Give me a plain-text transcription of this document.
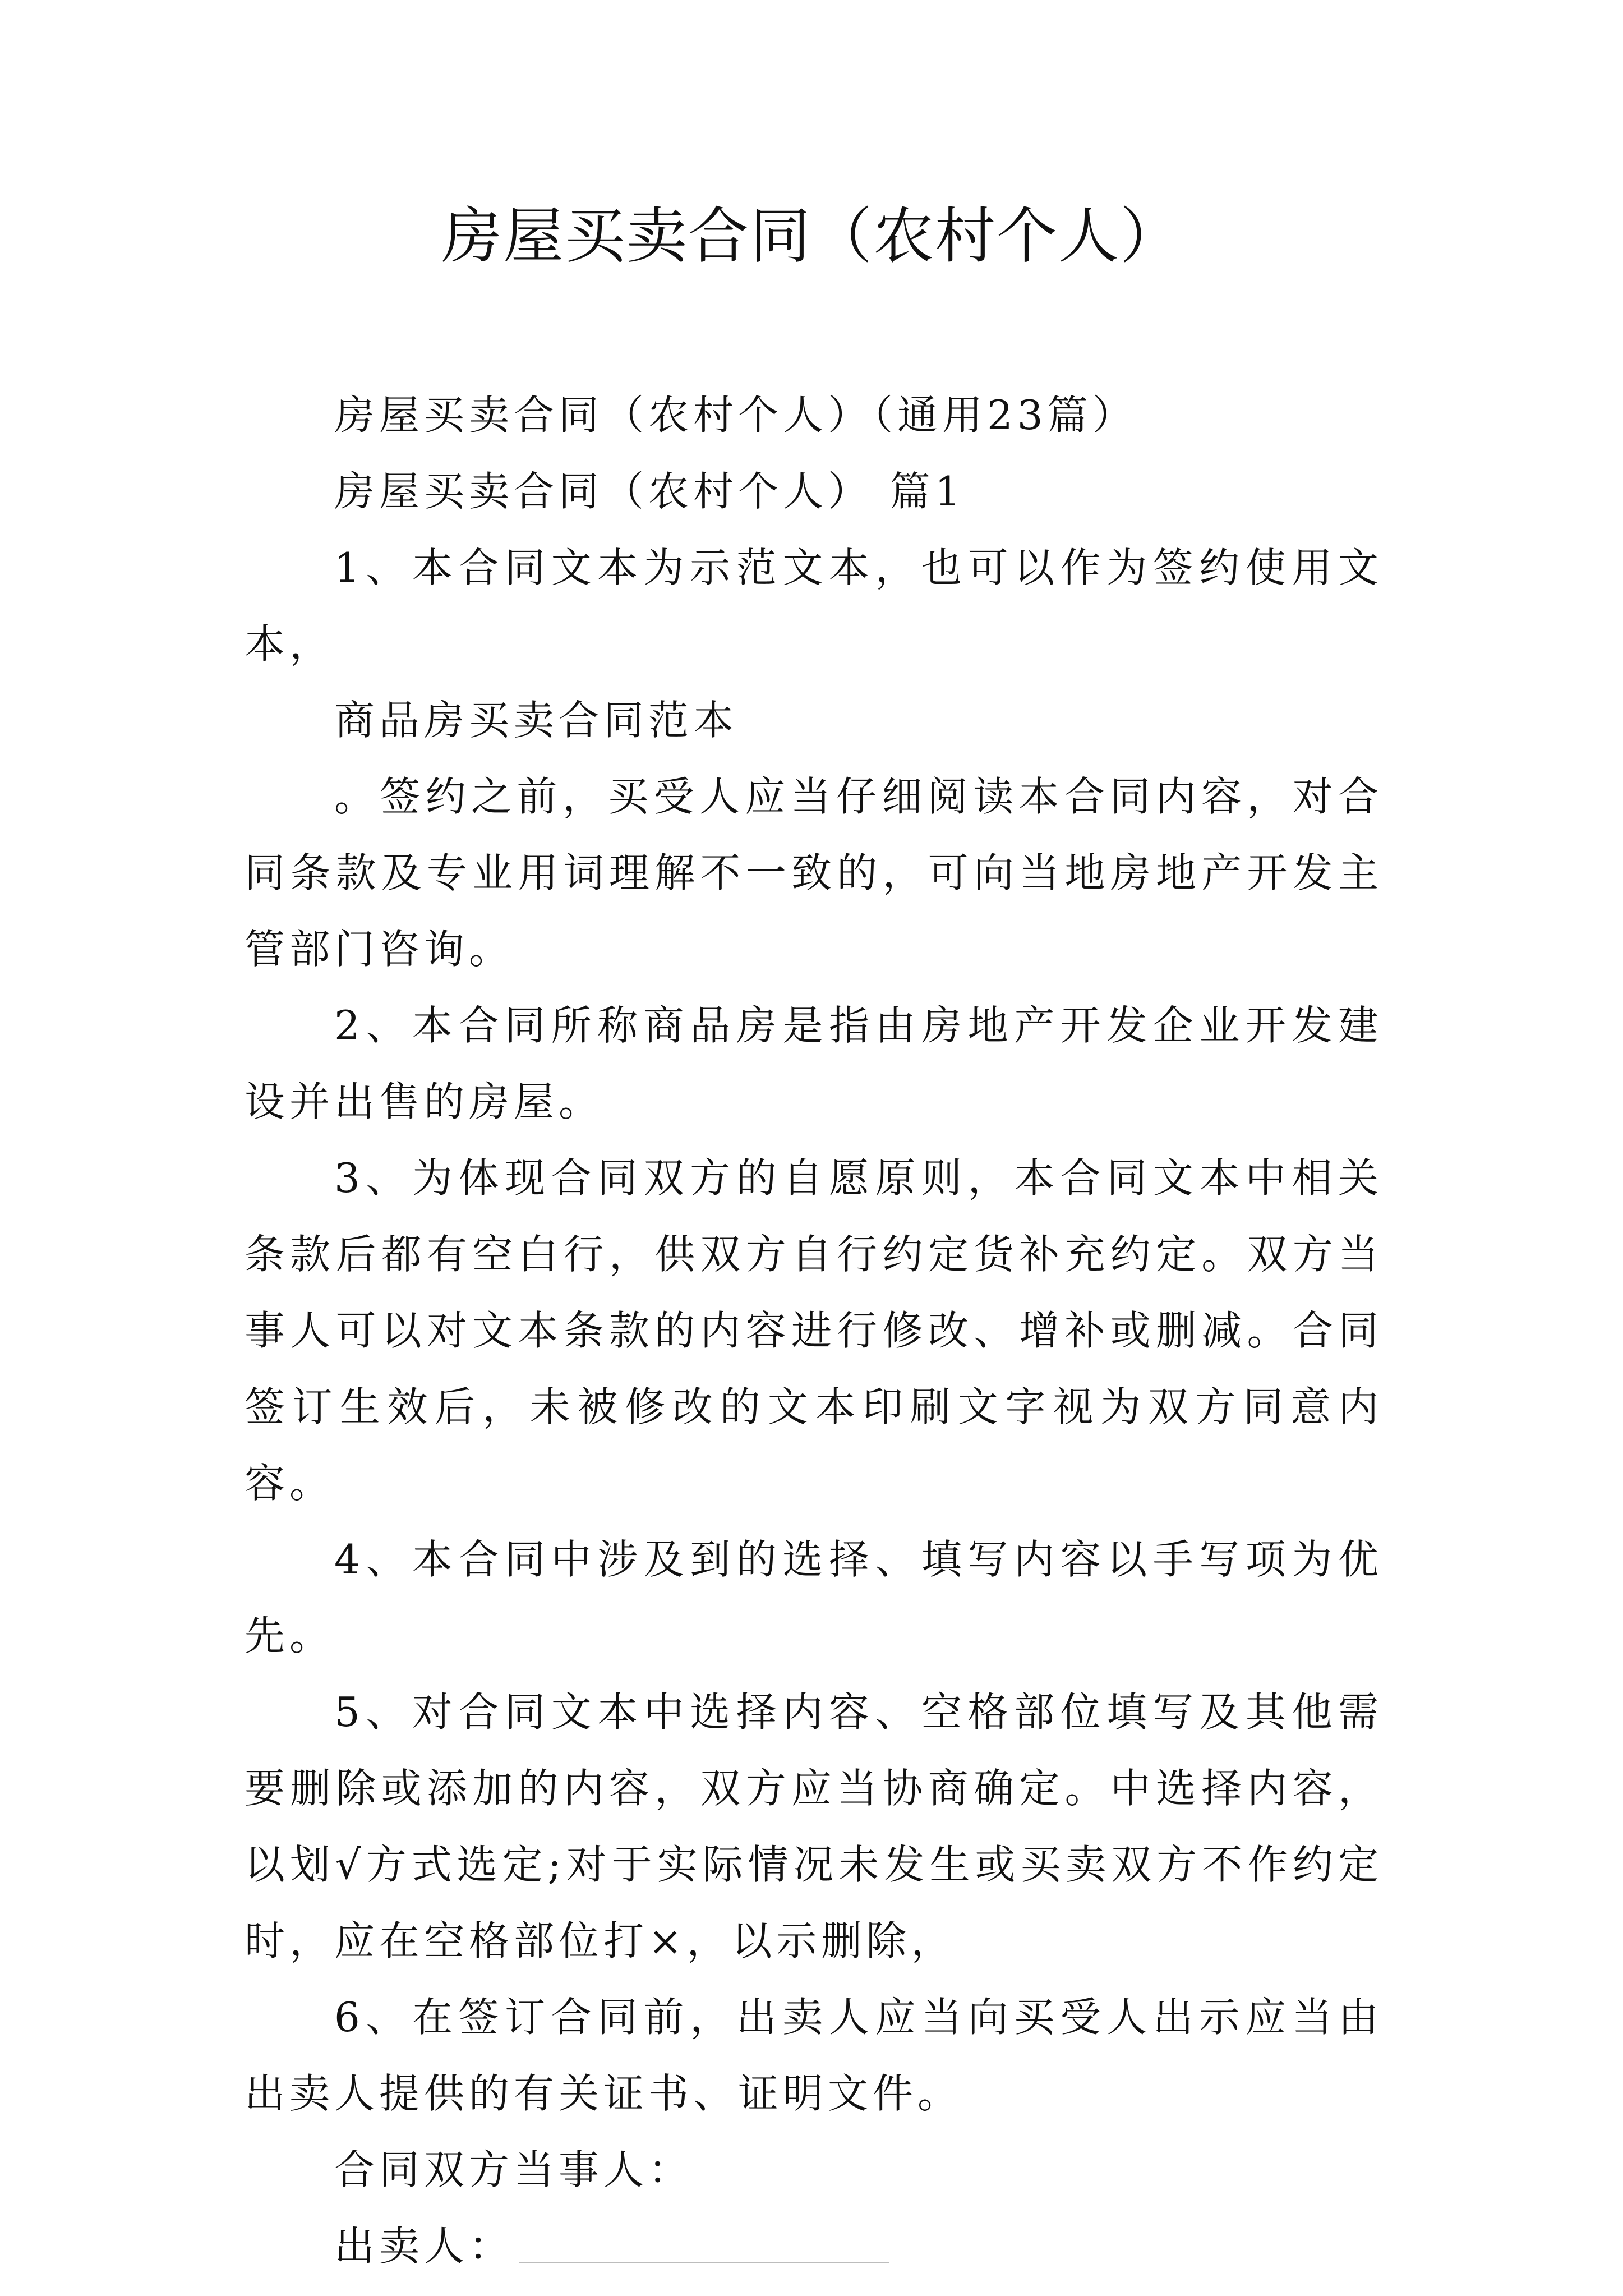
房屋买卖合同（农村个人）

房屋买卖合同（农村个人）（通用23篇）

房屋买卖合同（农村个人） 篇1

1、本合同文本为示范文本，也可以作为签约使用文本，

商品房买卖合同范本

。签约之前，买受人应当仔细阅读本合同内容，对合同条款及专业用词理解不一致的，可向当地房地产开发主管部门咨询。

2、本合同所称商品房是指由房地产开发企业开发建设并出售的房屋。

3、为体现合同双方的自愿原则，本合同文本中相关条款后都有空白行，供双方自行约定货补充约定。双方当事人可以对文本条款的内容进行修改、增补或删减。合同签订生效后，未被修改的文本印刷文字视为双方同意内容。

4、本合同中涉及到的选择、填写内容以手写项为优先。

5、对合同文本中选择内容、空格部位填写及其他需要删除或添加的内容，双方应当协商确定。中选择内容，以划√方式选定;对于实际情况未发生或买卖双方不作约定时，应在空格部位打×，以示删除，

6、在签订合同前，出卖人应当向买受人出示应当由出卖人提供的有关证书、证明文件。

合同双方当事人：

出卖人：
